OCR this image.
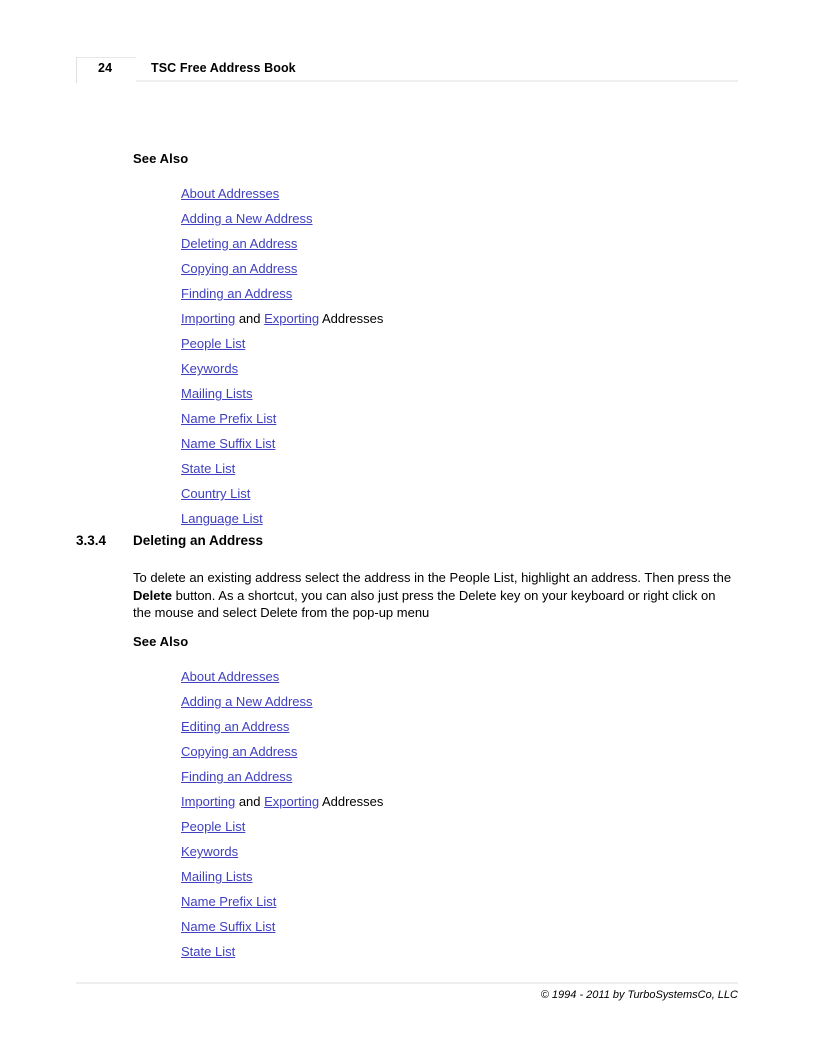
24	TSC Free Address Book
See Also
About Addresses
Adding a New Address
Deleting an Address
Copying an Address
Finding an Address
Importing and Exporting Addresses
People List
Keywords
Mailing Lists
Name Prefix List
Name Suffix List
State List
Country List
Language List
3.3.4 Deleting an Address
To delete an existing address select the address in the People List, highlight an address. Then press the Delete button. As a shortcut, you can also just press the Delete key on your keyboard or right click on the mouse and select Delete from the pop-up menu
See Also
About Addresses
Adding a New Address
Editing an Address
Copying an Address
Finding an Address
Importing and Exporting Addresses
People List
Keywords
Mailing Lists
Name Prefix List
Name Suffix List
State List
© 1994 - 2011 by TurboSystemsCo, LLC
